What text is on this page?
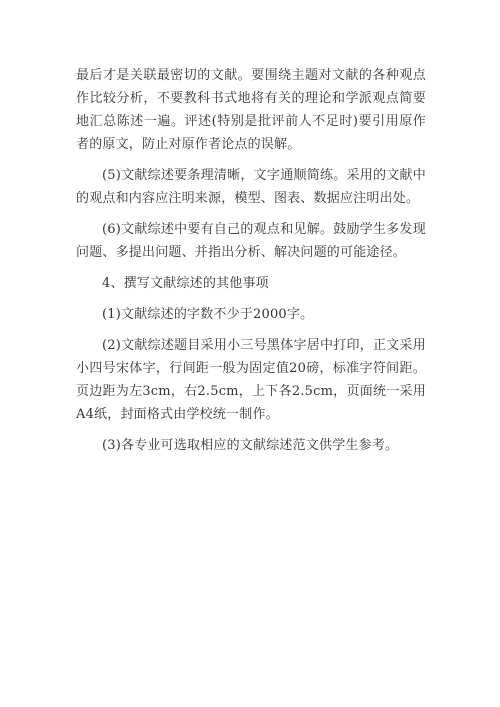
最后才是关联最密切的文献。要围绕主题对文献的各种观点作比较分析，不要教科书式地将有关的理论和学派观点简要地汇总陈述一遍。评述(特别是批评前人不足时)要引用原作者的原文，防止对原作者论点的误解。

(5)文献综述要条理清晰，文字通顺简练。采用的文献中的观点和内容应注明来源，模型、图表、数据应注明出处。

(6)文献综述中要有自己的观点和见解。鼓励学生多发现问题、多提出问题、并指出分析、解决问题的可能途径。

4、撰写文献综述的其他事项

(1)文献综述的字数不少于2000字。

(2)文献综述题目采用小三号黑体字居中打印，正文采用小四号宋体字，行间距一般为固定值20磅，标准字符间距。页边距为左3cm，右2.5cm，上下各2.5cm，页面统一采用A4纸，封面格式由学校统一制作。

(3)各专业可选取相应的文献综述范文供学生参考。
